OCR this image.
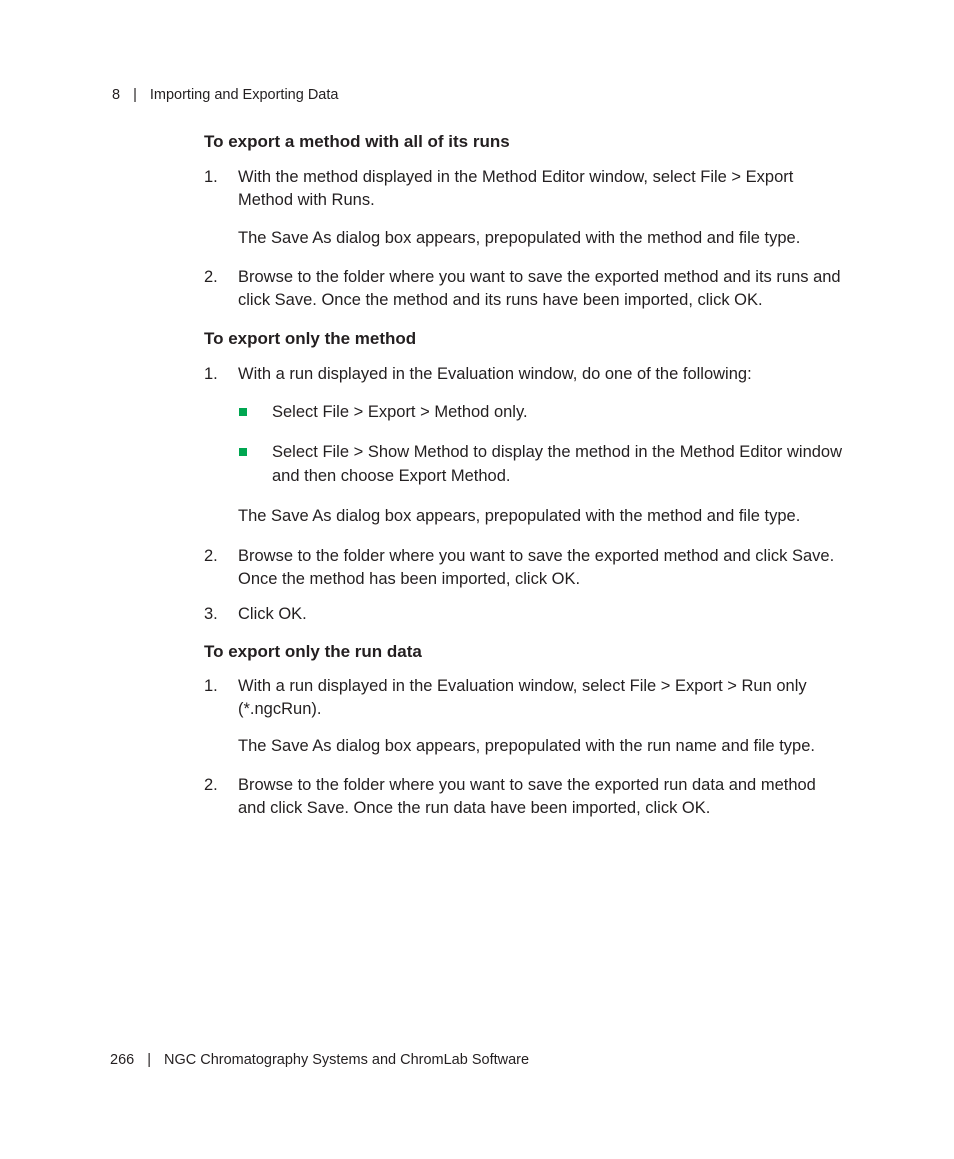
8 | Importing and Exporting Data
To export a method with all of its runs
1. With the method displayed in the Method Editor window, select File > Export Method with Runs.
The Save As dialog box appears, prepopulated with the method and file type.
2. Browse to the folder where you want to save the exported method and its runs and click Save. Once the method and its runs have been imported, click OK.
To export only the method
1. With a run displayed in the Evaluation window, do one of the following:
Select File > Export > Method only.
Select File > Show Method to display the method in the Method Editor window and then choose Export Method.
The Save As dialog box appears, prepopulated with the method and file type.
2. Browse to the folder where you want to save the exported method and click Save. Once the method has been imported, click OK.
3. Click OK.
To export only the run data
1. With a run displayed in the Evaluation window, select File > Export > Run only (*.ngcRun).
The Save As dialog box appears, prepopulated with the run name and file type.
2. Browse to the folder where you want to save the exported run data and method and click Save. Once the run data have been imported, click OK.
266 | NGC Chromatography Systems and ChromLab Software
